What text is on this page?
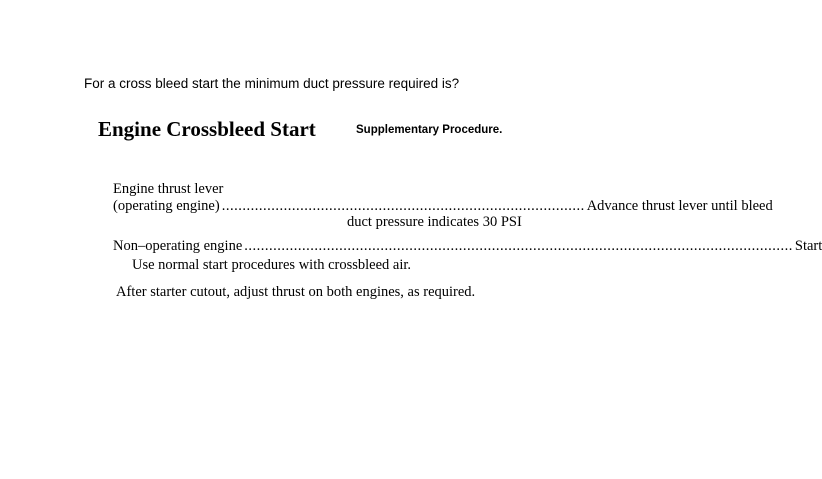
For a cross bleed start the minimum duct pressure required is?
Engine Crossbleed Start	Supplementary Procedure.
Engine thrust lever
(operating engine) ........................................................................................ Advance thrust lever until bleed
duct pressure indicates 30 PSI
Non–operating engine ..................................................................................................................................... Start
Use normal start procedures with crossbleed air.
After starter cutout, adjust thrust on both engines, as required.
